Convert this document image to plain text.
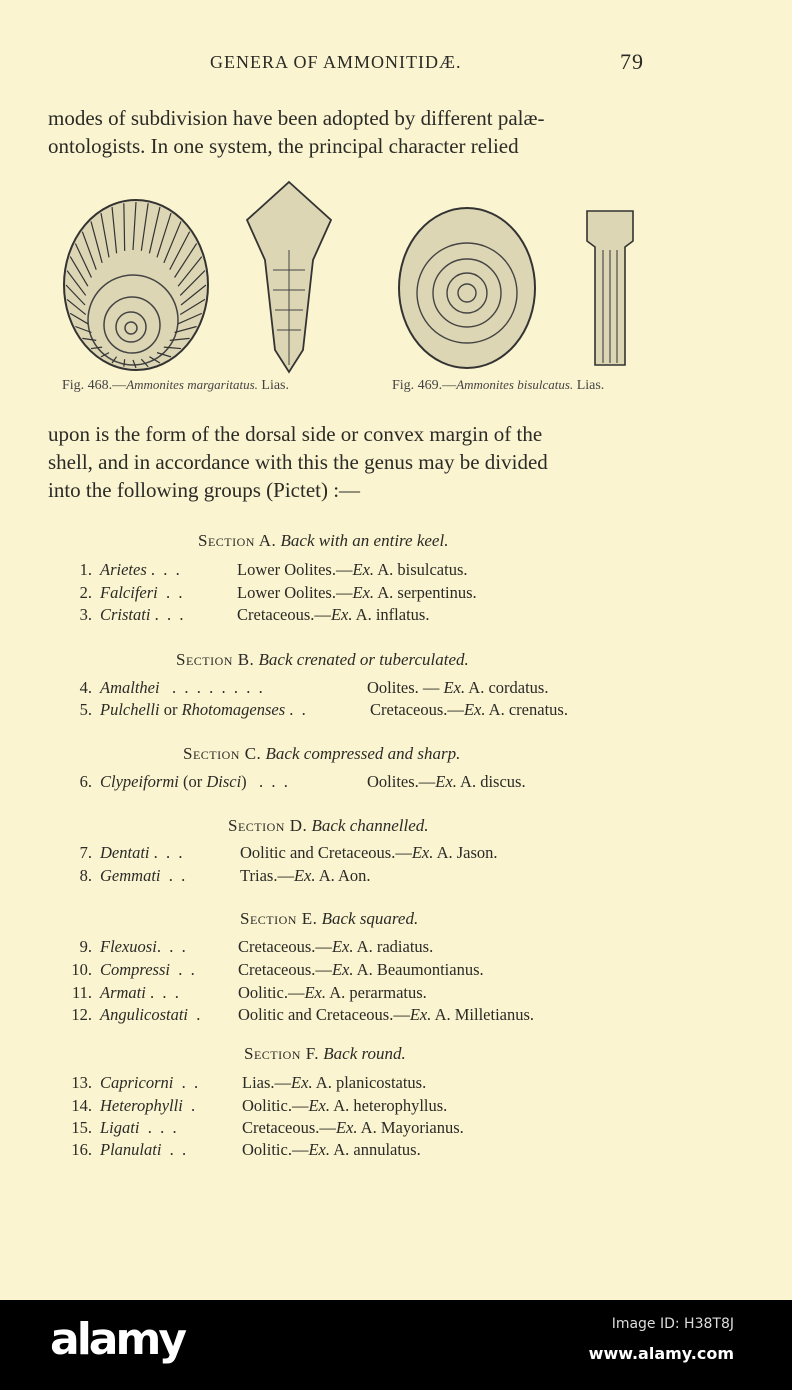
GENERA OF AMMONITIDÆ.	79
modes of subdivision have been adopted by different palæ-
ontologists. In one system, the principal character relied
Fig. 468.—Ammonites margaritatus. Lias.	Fig. 469.—Ammonites bisulcatus. Lias.
upon is the form of the dorsal side or convex margin of the
shell, and in accordance with this the genus may be divided
into the following groups (Pictet) :—
Section A. Back with an entire keel.
1. Arietes .  .  .	Lower Oolites.—Ex. A. bisulcatus.
2. Falciferi  .  .	Lower Oolites.—Ex. A. serpentinus.
3. Cristati .  .  .	Cretaceous.—Ex. A. inflatus.
Section B. Back crenated or tuberculated.
4. Amalthei   .  .  .  .  .  .  .  .	Oolites. — Ex. A. cordatus.
5. Pulchelli or Rhotomagenses .  .	Cretaceous.—Ex. A. crenatus.
Section C. Back compressed and sharp.
6. Clypeiformi (or Disci)   .  .  .	Oolites.—Ex. A. discus.
Section D. Back channelled.
7. Dentati .  .  .	Oolitic and Cretaceous.—Ex. A. Jason.
8. Gemmati  .  .	Trias.—Ex. A. Aon.
Section E. Back squared.
9. Flexuosi.  .  .	Cretaceous.—Ex. A. radiatus.
10. Compressi  .  .	Cretaceous.—Ex. A. Beaumontianus.
11. Armati .  .  .	Oolitic.—Ex. A. perarmatus.
12. Angulicostati  . Oolitic and Cretaceous.—Ex. A. Milletianus.
Section F. Back round.
13. Capricorni  .  .	Lias.—Ex. A. planicostatus.
14. Heterophylli  .	Oolitic.—Ex. A. heterophyllus.
15. Ligati  .  .  .	Cretaceous.—Ex. A. Mayorianus.
16. Planulati  .  .	Oolitic.—Ex. A. annulatus.
alamy	Image ID: H38T8J
www.alamy.com
